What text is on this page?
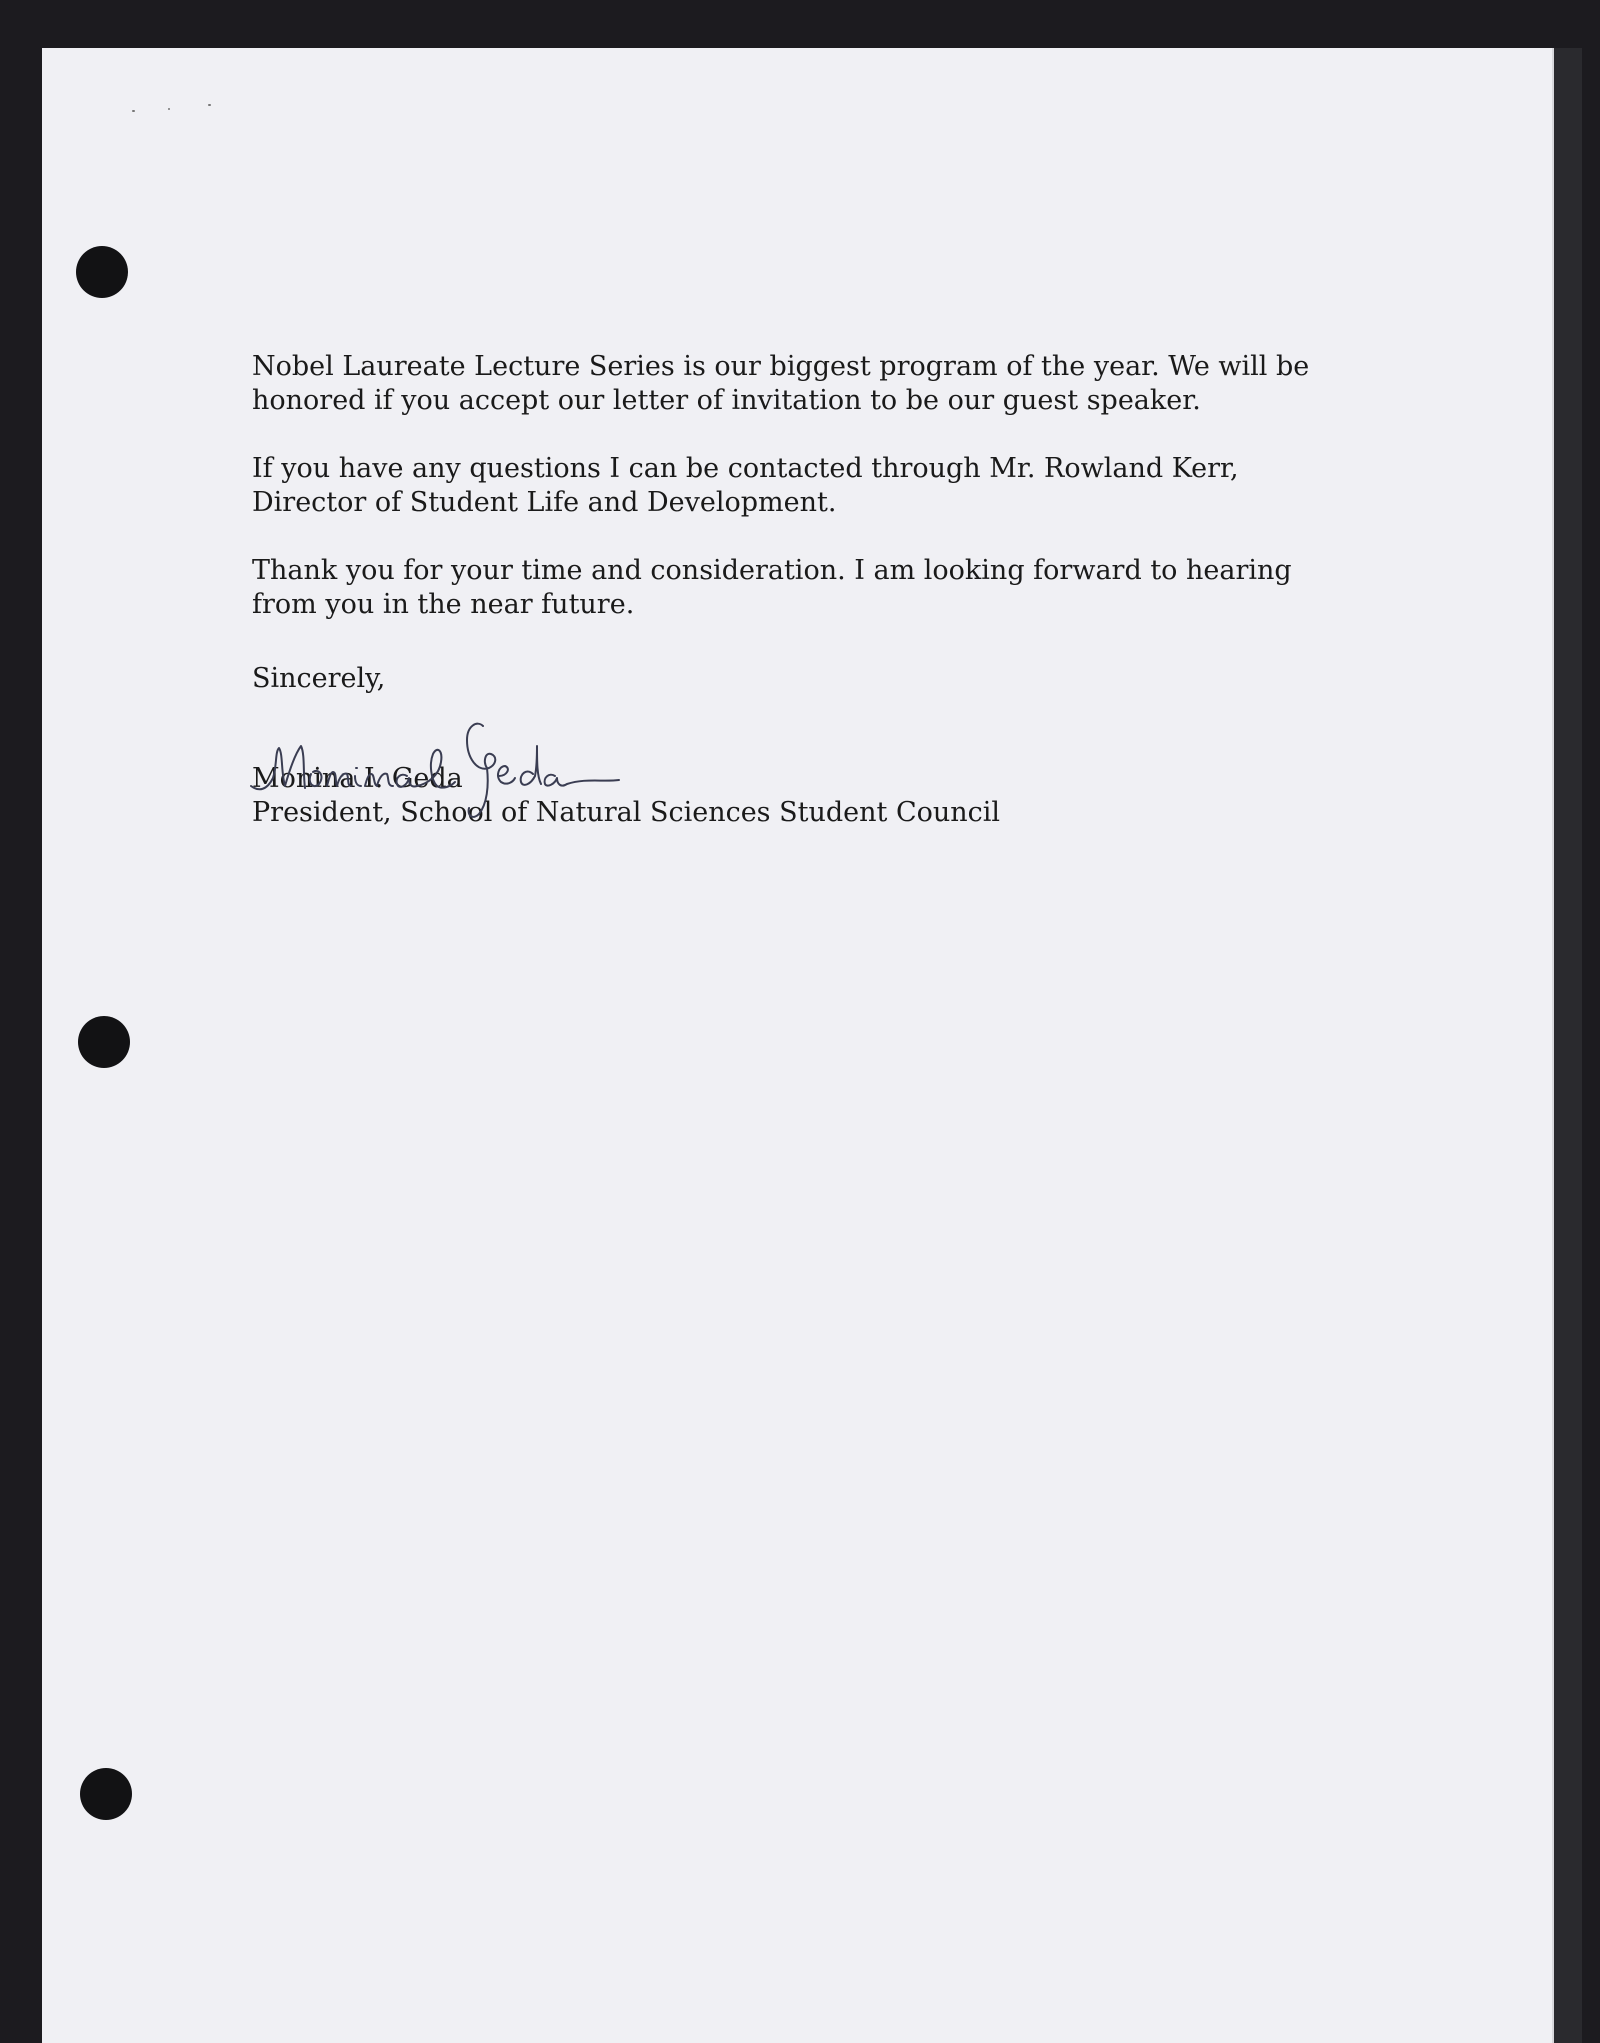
Nobel Laureate Lecture Series is our biggest program of the year. We will be
honored if you accept our letter of invitation to be our guest speaker.
If you have any questions I can be contacted through Mr. Rowland Kerr,
Director of Student Life and Development.
Thank you for your time and consideration. I am looking forward to hearing
from you in the near future.

Sincerely,

Monina I. Geda
President, School of Natural Sciences Student Council
